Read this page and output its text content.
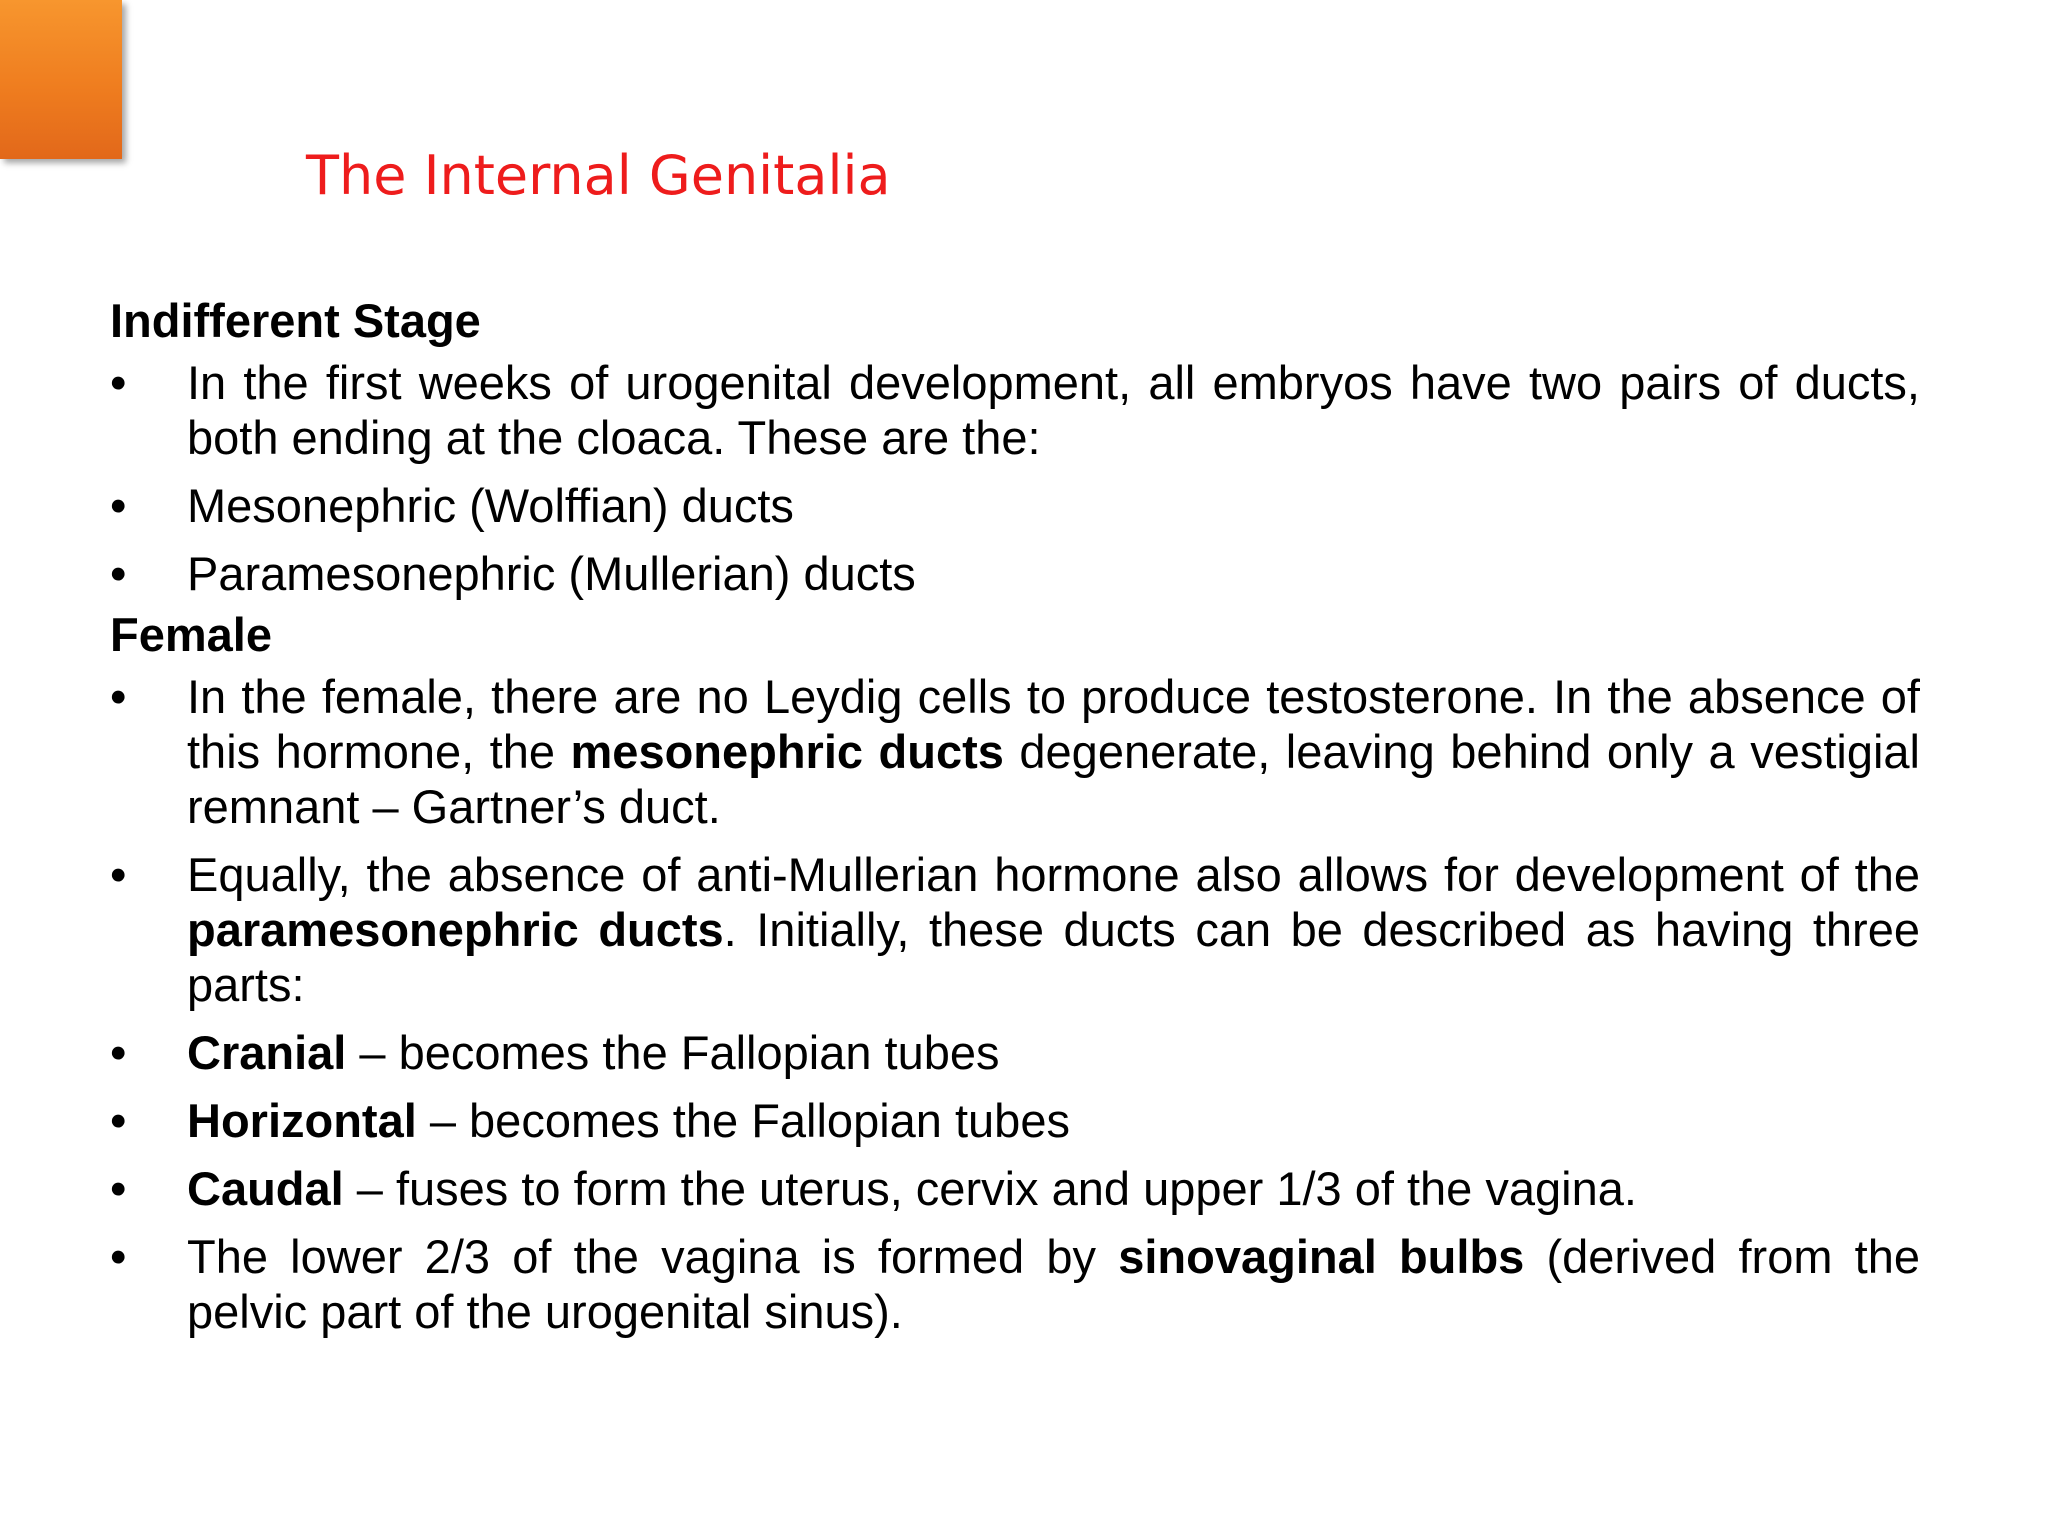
The Internal Genitalia
Indifferent Stage
• In the first weeks of urogenital development, all embryos have two pairs of ducts, both ending at the cloaca. These are the:
• Mesonephric (Wolffian) ducts
• Paramesonephric (Mullerian) ducts
Female
• In the female, there are no Leydig cells to produce testosterone. In the absence of this hormone, the mesonephric ducts degenerate, leaving behind only a vestigial remnant – Gartner’s duct.
• Equally, the absence of anti-Mullerian hormone also allows for development of the paramesonephric ducts. Initially, these ducts can be described as having three parts:
• Cranial – becomes the Fallopian tubes
• Horizontal – becomes the Fallopian tubes
• Caudal – fuses to form the uterus, cervix and upper 1/3 of the vagina.
• The lower 2/3 of the vagina is formed by sinovaginal bulbs (derived from the pelvic part of the urogenital sinus).
